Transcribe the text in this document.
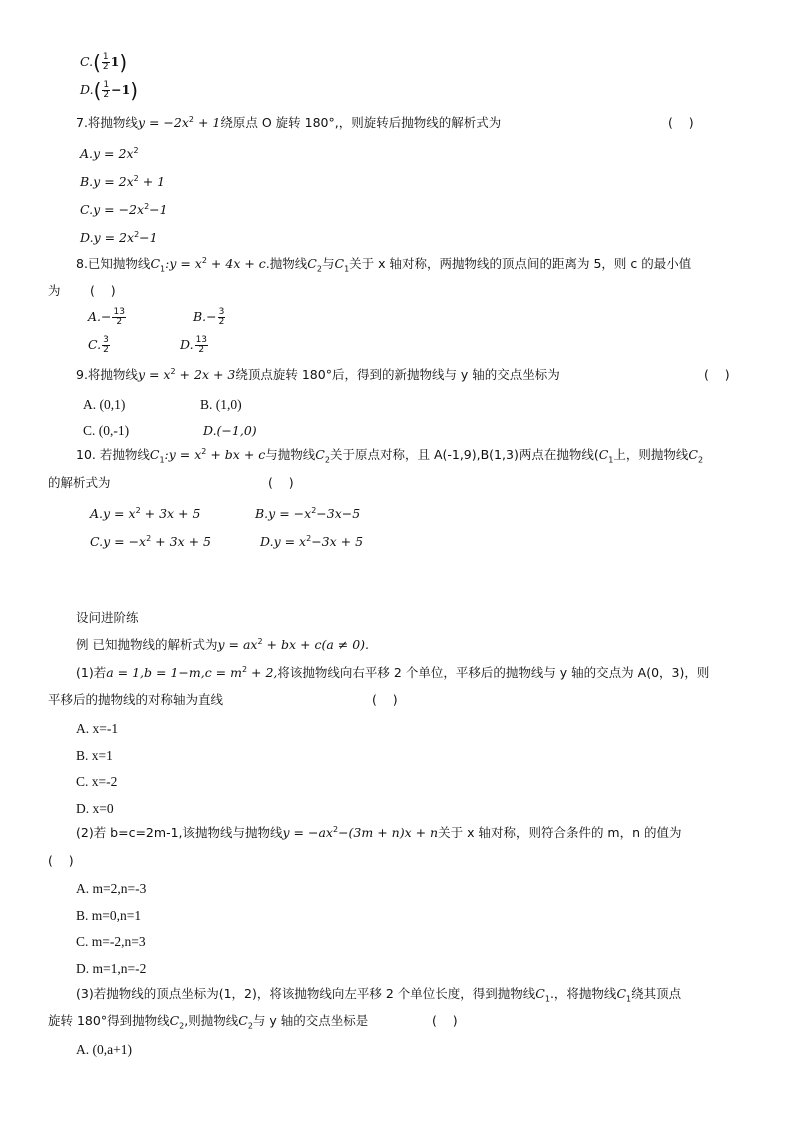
$C.( \frac{1}{2} 1)$
$D.( \frac{1}{2} -1)$
7.将抛物线$y = -2x^2 + 1$绕原点 O 旋转 180°,，则旋转后抛物线的解析式为	(    )
$A.y = 2x^2$
$B.y = 2x^2 + 1$
$C.y = -2x^2-1$
$D.y = 2x^2-1$
8.已知抛物线$C_1:y = x^2 + 4x + c$.抛物线$C_2$与$C_1$关于 x 轴对称，两抛物线的顶点间的距离为 5，则 c 的最小值
为 (    )
$A.- \frac{13}{2}$	$B.- \frac{3}{2}$
C. $\frac{3}{2}$	D. $\frac{13}{2}$
9.将抛物线$y = x^2 + 2x + 3$绕顶点旋转 180°后，得到的新抛物线与 y 轴的交点坐标为	(    )
A. (0,1)	B. (1,0)
C. (0,-1)	D.(−1,0)
10. 若抛物线$C_1:y = x^2$ + bx + c与抛物线$C_2$关于原点对称，且 A(-1,9),B(1,3)两点在抛物线($C_1$上，则抛物线$C_2$
的解析式为	(    )
$A.y = x^2 + 3x + 5$	$B.y = -x^2-3x-5$
$C.y = -x^2 + 3x + 5$	$D.y = x^2-3x + 5$
设问进阶练
例 已知抛物线的解析式为$y = ax^2$ + bx + c(a ≠ 0).
(1)若$a = 1,b = 1-m,c = m^2 + 2$,将该抛物线向右平移 2 个单位，平移后的抛物线与 y 轴的交点为 A(0，3)，则
平移后的抛物线的对称轴为直线	(    )
A. x=-1
B. x=1
C. x=-2
D. x=0
(2)若 b=c=2m-1,该抛物线与抛物线$y = -ax^2-(3m + n)x + n$关于 x 轴对称，则符合条件的 m，n 的值为
(    )
A. m=2,n=-3
B. m=0,n=1
C. m=-2,n=3
D. m=1,n=-2
(3)若抛物线的顶点坐标为(1，2)，将该抛物线向左平移 2 个单位长度，得到抛物线$C_1$.，将抛物线$C_1$绕其顶点
旋转 180°得到抛物线$C_2$,则抛物线$C_2$与 y 轴的交点坐标是	(    )
A. (0,a+1)
